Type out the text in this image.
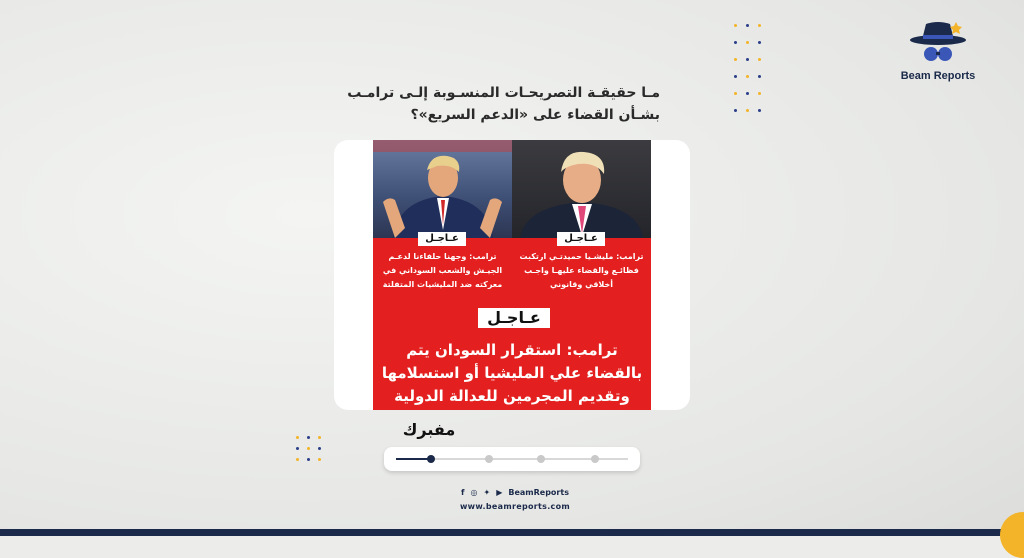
Beam Reports
مـا حقيقـة التصريحـات المنسـوبة إلـى ترامـب بشـأن القضاء على «الدعم السريع»؟
عـاجـل
ترامب: وجهنا حلفاءنا لدعـم الجيـش والشعب السوداني في معركته ضد المليشيات المتفلتة
عـاجـل
ترامب: مليشـيا حميدتـي ارتكبت فظائـع والقضاء عليهـا واجـب أخلاقي وقانوني
عـاجـل
ترامب: استقرار السودان يتم بالقضاء علي المليشيا أو استسلامها وتقديم المجرمين للعدالة الدولية
مفبرك
f ◎ ✦ ▶ BeamReports
www.beamreports.com
